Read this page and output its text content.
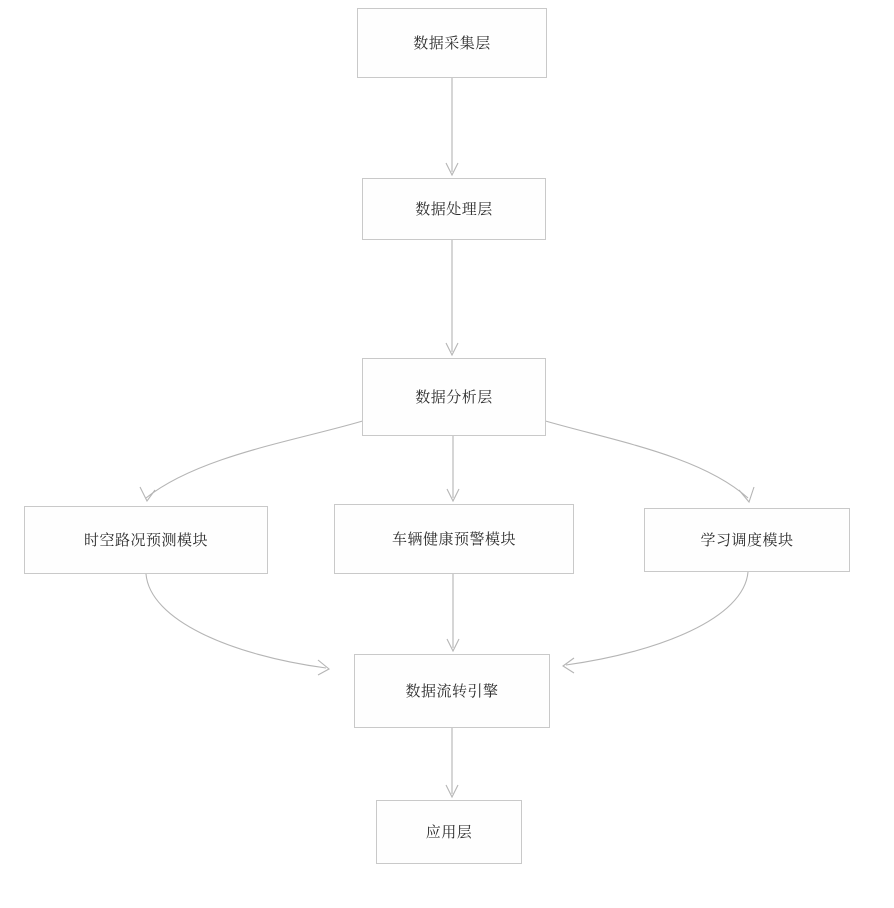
数据采集层
数据处理层
数据分析层
时空路况预测模块	车辆健康预警模块	学习调度模块
数据流转引擎
应用层
